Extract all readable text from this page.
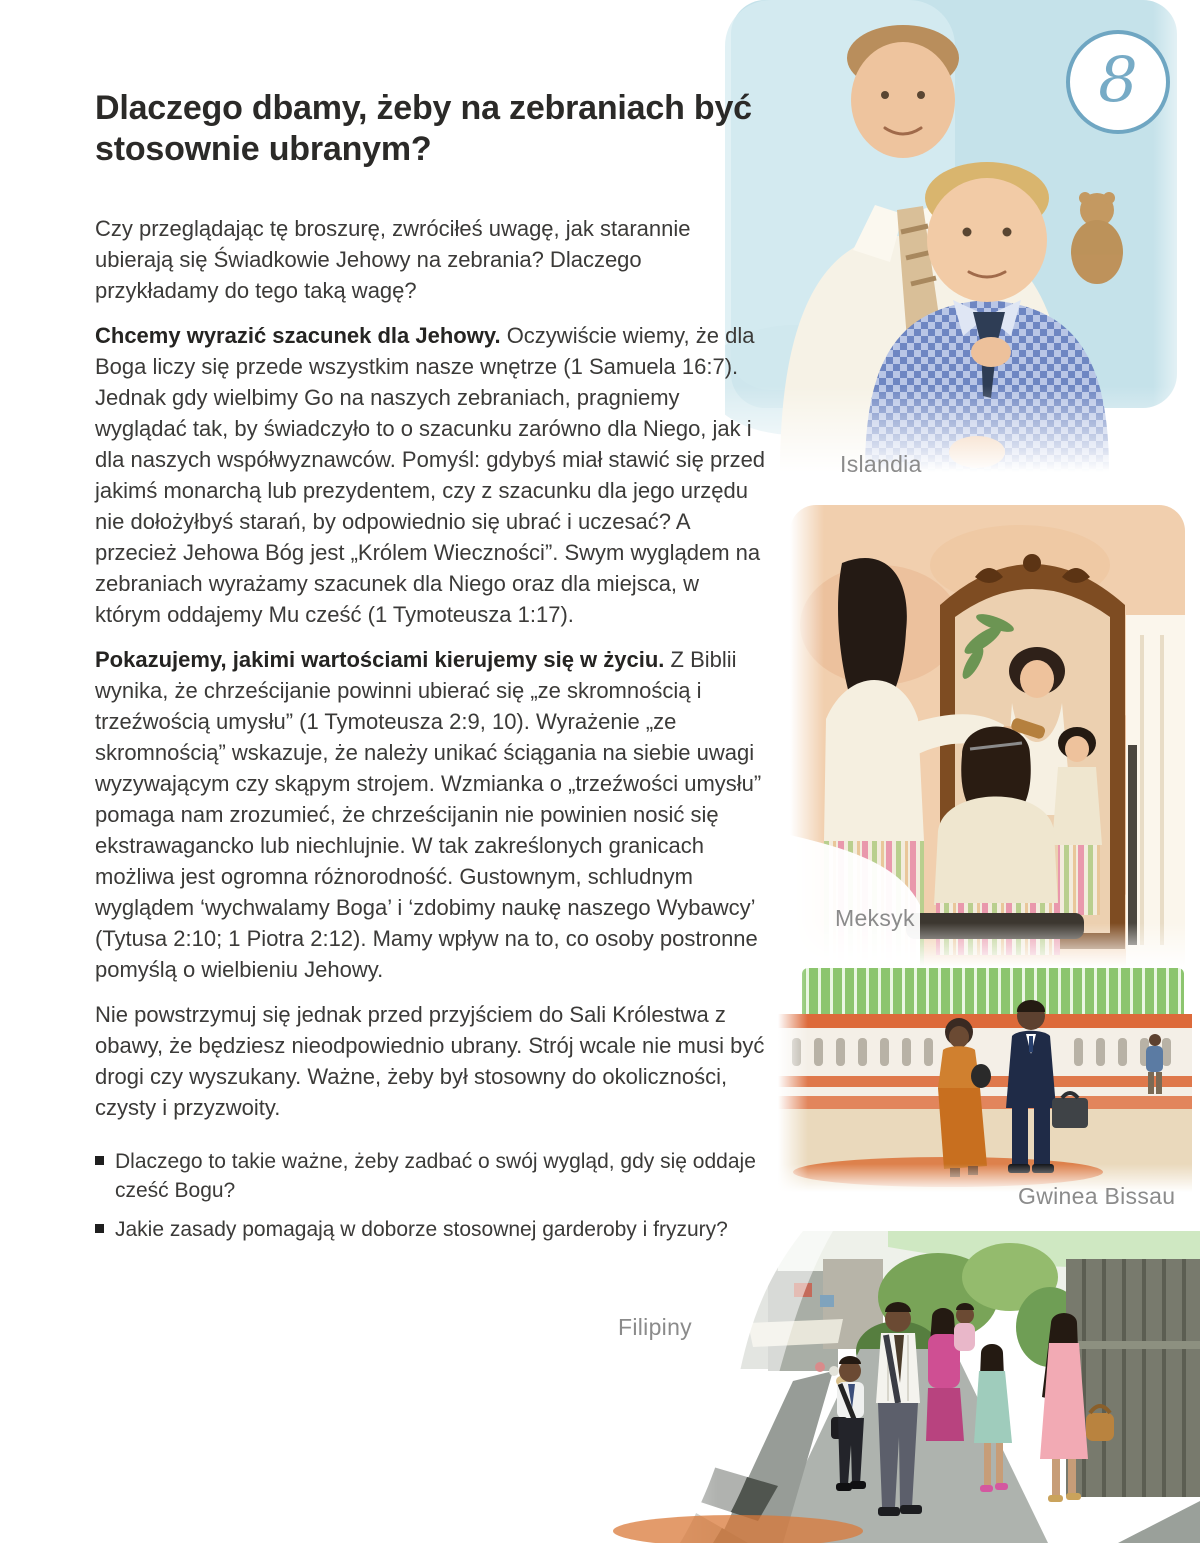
Dlaczego dbamy, żeby na zebraniach być stosownie ubranym?

Czy przeglądając tę broszurę, zwróciłeś uwagę, jak starannie ubierają się Świadkowie Jehowy na zebrania? Dlaczego przykładamy do tego taką wagę?

Chcemy wyrazić szacunek dla Jehowy. Oczywiście wiemy, że dla Boga liczy się przede wszystkim nasze wnętrze (1 Samuela 16:7). Jednak gdy wielbimy Go na naszych zebraniach, pragniemy wyglądać tak, by świadczyło to o szacunku zarówno dla Niego, jak i dla naszych współwyznawców. Pomyśl: gdybyś miał stawić się przed jakimś monarchą lub prezydentem, czy z szacunku dla jego urzędu nie dołożyłbyś starań, by odpowiednio się ubrać i uczesać? A przecież Jehowa Bóg jest „Królem Wieczności”. Swym wyglądem na zebraniach wyrażamy szacunek dla Niego oraz dla miejsca, w którym oddajemy Mu cześć (1 Tymoteusza 1:17).

Pokazujemy, jakimi wartościami kierujemy się w życiu. Z Biblii wynika, że chrześcijanie powinni ubierać się „ze skromnością i trzeźwością umysłu” (1 Tymoteusza 2:9, 10). Wyrażenie „ze skromnością” wskazuje, że należy unikać ściągania na siebie uwagi wyzywającym czy skąpym strojem. Wzmianka o „trzeźwości umysłu” pomaga nam zrozumieć, że chrześcijanin nie powinien nosić się ekstrawagancko lub niechlujnie. W tak zakreślonych granicach możliwa jest ogromna różnorodność. Gustownym, schludnym wyglądem ‘wychwalamy Boga’ i ‘zdobimy naukę naszego Wybawcy’ (Tytusa 2:10; 1 Piotra 2:12). Mamy wpływ na to, co osoby postronne pomyślą o wielbieniu Jehowy.

Nie powstrzymuj się jednak przed przyjściem do Sali Królestwa z obawy, że będziesz nieodpowiednio ubrany. Strój wcale nie musi być drogi czy wyszukany. Ważne, żeby był stosowny do okoliczności, czysty i przyzwoity.

Dlaczego to takie ważne, żeby zadbać o swój wygląd, gdy się oddaje cześć Bogu?
Jakie zasady pomagają w doborze stosownej garderoby i fryzury?
8
Islandia
Meksyk
Gwinea Bissau
Filipiny
